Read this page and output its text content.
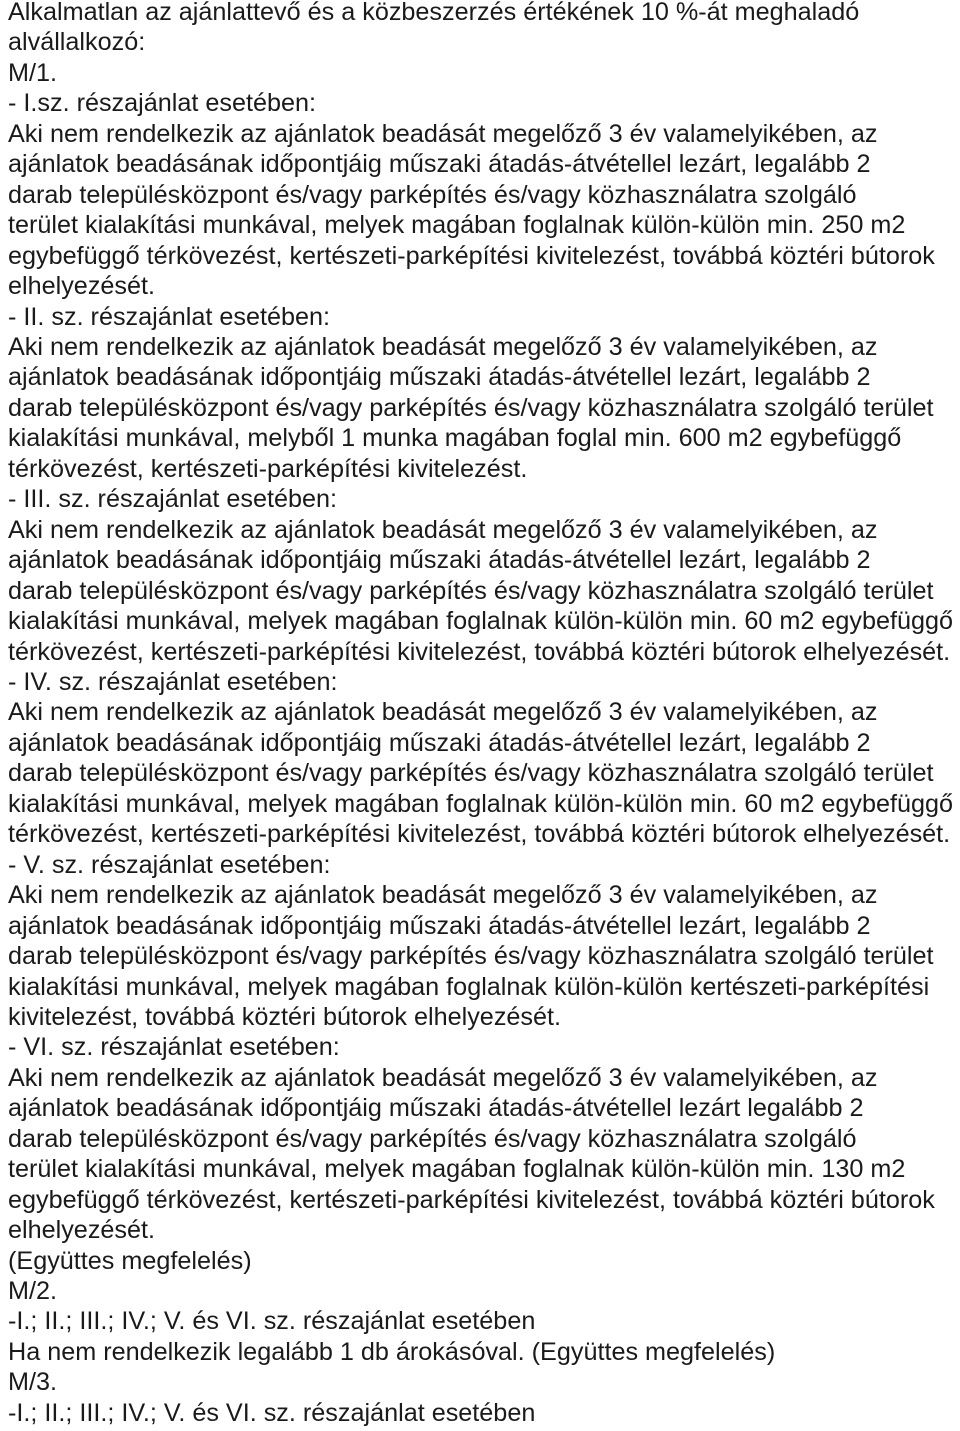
Alkalmatlan az ajánlattevő és a közbeszerzés értékének 10 %-át meghaladó
alvállalkozó:
M/1.
- I.sz. részajánlat esetében:
Aki nem rendelkezik az ajánlatok beadását megelőző 3 év valamelyikében, az
ajánlatok beadásának időpontjáig műszaki átadás-átvétellel lezárt, legalább 2
darab településközpont és/vagy parképítés és/vagy közhasználatra szolgáló
terület kialakítási munkával, melyek magában foglalnak külön-külön min. 250 m2
egybefüggő térkövezést, kertészeti-parképítési kivitelezést, továbbá köztéri bútorok
elhelyezését.
- II. sz. részajánlat esetében:
Aki nem rendelkezik az ajánlatok beadását megelőző 3 év valamelyikében, az
ajánlatok beadásának időpontjáig műszaki átadás-átvétellel lezárt, legalább 2
darab településközpont és/vagy parképítés és/vagy közhasználatra szolgáló terület
kialakítási munkával, melyből 1 munka magában foglal min. 600 m2 egybefüggő
térkövezést, kertészeti-parképítési kivitelezést.
- III. sz. részajánlat esetében:
Aki nem rendelkezik az ajánlatok beadását megelőző 3 év valamelyikében, az
ajánlatok beadásának időpontjáig műszaki átadás-átvétellel lezárt, legalább 2
darab településközpont és/vagy parképítés és/vagy közhasználatra szolgáló terület
kialakítási munkával, melyek magában foglalnak külön-külön min. 60 m2 egybefüggő
térkövezést, kertészeti-parképítési kivitelezést, továbbá köztéri bútorok elhelyezését.
- IV. sz. részajánlat esetében:
Aki nem rendelkezik az ajánlatok beadását megelőző 3 év valamelyikében, az
ajánlatok beadásának időpontjáig műszaki átadás-átvétellel lezárt, legalább 2
darab településközpont és/vagy parképítés és/vagy közhasználatra szolgáló terület
kialakítási munkával, melyek magában foglalnak külön-külön min. 60 m2 egybefüggő
térkövezést, kertészeti-parképítési kivitelezést, továbbá köztéri bútorok elhelyezését.
- V. sz. részajánlat esetében:
Aki nem rendelkezik az ajánlatok beadását megelőző 3 év valamelyikében, az
ajánlatok beadásának időpontjáig műszaki átadás-átvétellel lezárt, legalább 2
darab településközpont és/vagy parképítés és/vagy közhasználatra szolgáló terület
kialakítási munkával, melyek magában foglalnak külön-külön kertészeti-parképítési
kivitelezést, továbbá köztéri bútorok elhelyezését.
- VI. sz. részajánlat esetében:
Aki nem rendelkezik az ajánlatok beadását megelőző 3 év valamelyikében, az
ajánlatok beadásának időpontjáig műszaki átadás-átvétellel lezárt legalább 2
darab településközpont és/vagy parképítés és/vagy közhasználatra szolgáló
terület kialakítási munkával, melyek magában foglalnak külön-külön min. 130 m2
egybefüggő térkövezést, kertészeti-parképítési kivitelezést, továbbá köztéri bútorok
elhelyezését.
(Együttes megfelelés)
M/2.
-I.; II.; III.; IV.; V. és VI. sz. részajánlat esetében
Ha nem rendelkezik legalább 1 db árokásóval. (Együttes megfelelés)
M/3.
-I.; II.; III.; IV.; V. és VI. sz. részajánlat esetében
